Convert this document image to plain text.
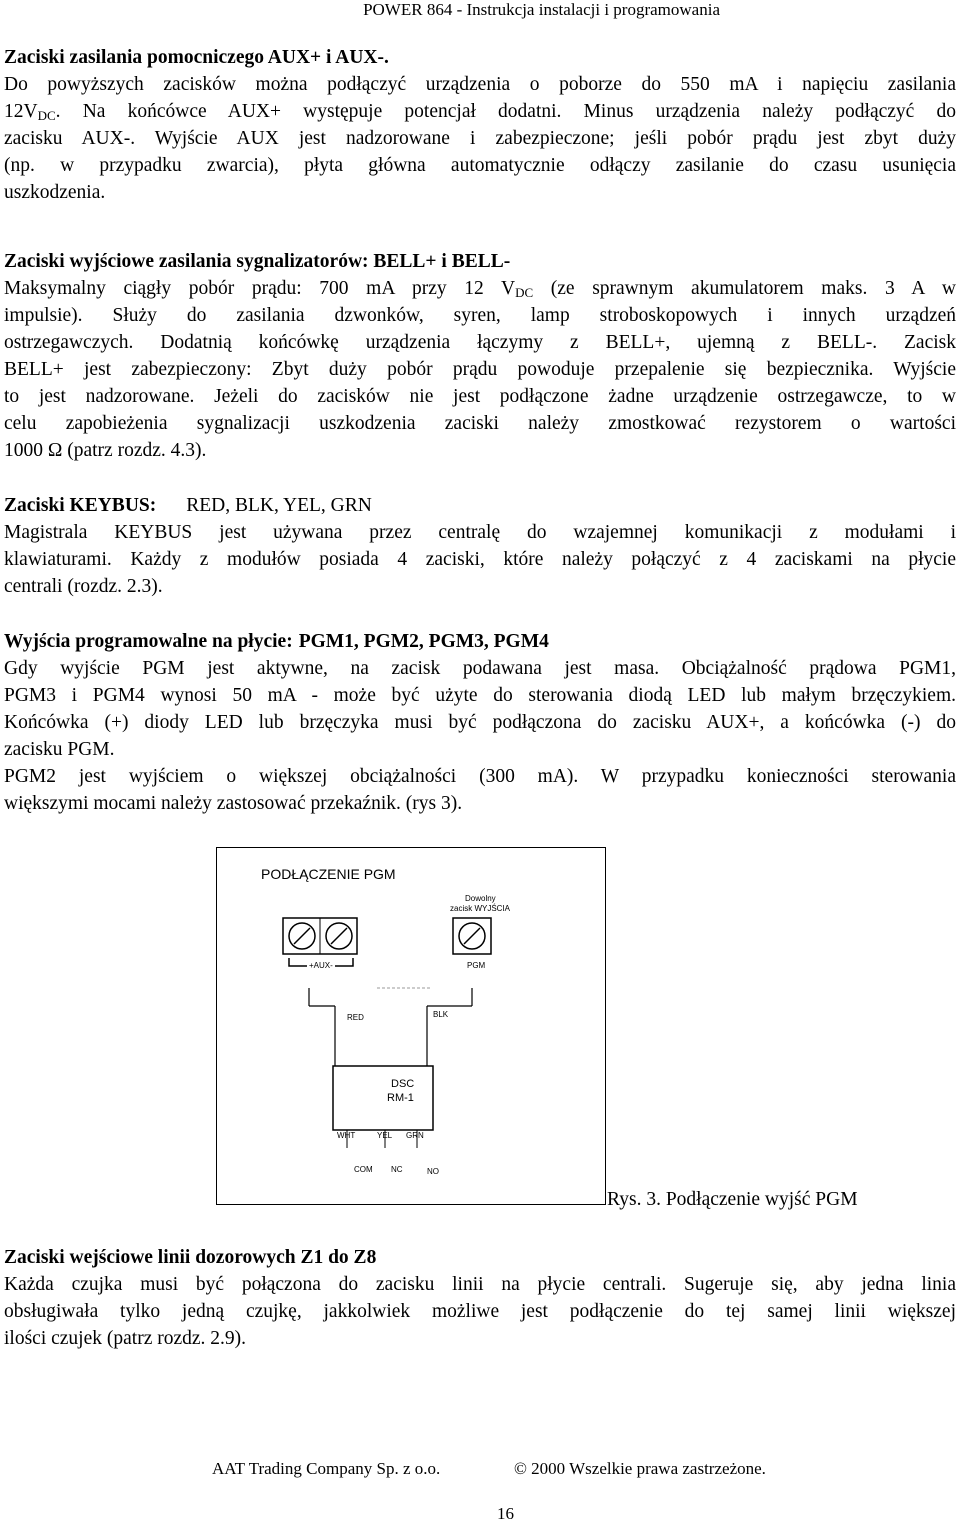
POWER 864 - Instrukcja instalacji i programowania
Zaciski zasilania pomocniczego AUX+ i AUX-.
Do powyższych zacisków można podłączyć urządzenia o poborze do 550 mA i napięciu zasilania
$12V_{DC}$. Na końcówce AUX+ występuje potencjał dodatni. Minus urządzenia należy podłączyć do
zacisku AUX-. Wyjście AUX jest nadzorowane i zabezpieczone; jeśli pobór prądu jest zbyt duży
(np. w przypadku zwarcia), płyta główna automatycznie odłączy zasilanie do czasu usunięcia
uszkodzenia.
Zaciski wyjściowe zasilania sygnalizatorów: BELL+ i BELL-
Maksymalny ciągły pobór prądu: 700 mA przy 12 $V_{DC}$ (ze sprawnym akumulatorem maks. 3 A w
impulsie). Służy do zasilania dzwonków, syren, lamp stroboskopowych i innych urządzeń
ostrzegawczych. Dodatnią końcówkę urządzenia łączymy z BELL+, ujemną z BELL-. Zacisk
BELL+ jest zabezpieczony: Zbyt duży pobór prądu powoduje przepalenie się bezpiecznika. Wyjście
to jest nadzorowane. Jeżeli do zacisków nie jest podłączone żadne urządzenie ostrzegawcze, to w
celu zapobieżenia sygnalizacji uszkodzenia zaciski należy zmostkować rezystorem o wartości
1000 Ω (patrz rozdz. 4.3).
Zaciski KEYBUS: RED, BLK, YEL, GRN
Magistrala KEYBUS jest używana przez centralę do wzajemnej komunikacji z modułami i
klawiaturami. Każdy z modułów posiada 4 zaciski, które należy połączyć z 4 zaciskami na płycie
centrali (rozdz. 2.3).
Wyjścia programowalne na płycie: PGM1, PGM2, PGM3, PGM4
Gdy wyjście PGM jest aktywne, na zacisk podawana jest masa. Obciążalność prądowa PGM1,
PGM3 i PGM4 wynosi 50 mA - może być użyte do sterowania diodą LED lub małym brzęczykiem.
Końcówka (+) diody LED lub brzęczyka musi być podłączona do zacisku AUX+, a końcówka (-) do
zacisku PGM.
PGM2 jest wyjściem o większej obciążalności (300 mA). W przypadku konieczności sterowania
większymi mocami należy zastosować przekaźnik. (rys 3).
PODŁĄCZENIE PGM
Dowolny
zacisk WYJŚCIA
+AUX-	PGM
RED	BLK
DSC
RM-1
WHT	YEL GRN
COM NC	NO
Rys. 3. Podłączenie wyjść PGM
Zaciski wejściowe linii dozorowych Z1 do Z8
Każda czujka musi być połączona do zacisku linii na płycie centrali. Sugeruje się, aby jedna linia
obsługiwała tylko jedną czujkę, jakkolwiek możliwe jest podłączenie do tej samej linii większej
ilości czujek (patrz rozdz. 2.9).
AAT Trading Company Sp. z o.o.	© 2000 Wszelkie prawa zastrzeżone.
16
